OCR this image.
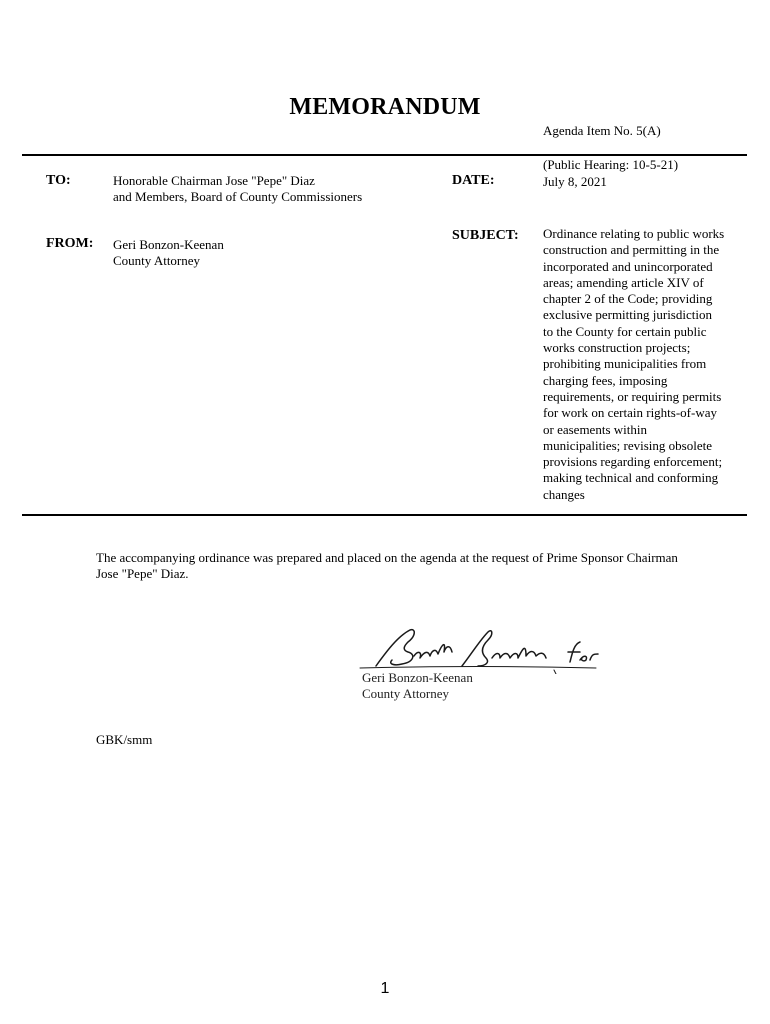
MEMORANDUM
Agenda Item No. 5(A)
TO:	Honorable Chairman Jose "Pepe" Diaz
and Members, Board of County Commissioners
(Public Hearing: 10-5-21)
DATE:	July 8, 2021
FROM: Geri Bonzon-Keenan
County Attorney
SUBJECT: Ordinance relating to public works
construction and permitting in the
incorporated and unincorporated
areas; amending article XIV of
chapter 2 of the Code; providing
exclusive permitting jurisdiction
to the County for certain public
works construction projects;
prohibiting municipalities from
charging fees, imposing
requirements, or requiring permits
for work on certain rights-of-way
or easements within
municipalities; revising obsolete
provisions regarding enforcement;
making technical and conforming
changes
The accompanying ordinance was prepared and placed on the agenda at the request of Prime Sponsor Chairman
Jose "Pepe" Diaz.
Geri Bonzon-Keenan
County Attorney
GBK/smm
1
